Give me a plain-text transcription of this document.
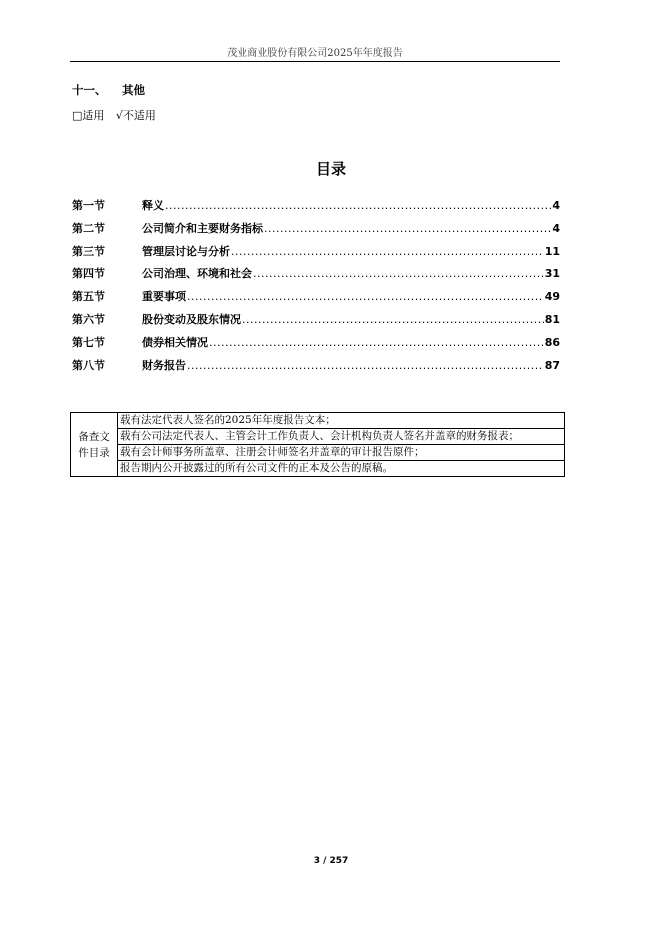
茂业商业股份有限公司2025年年度报告
十一、 其他
□适用 √不适用
目录
第一节	释义 .....	4
第二节	公司简介和主要财务指标 .....	4
第三节	管理层讨论与分析 .....	11
第四节	公司治理、环境和社会 .....	31
第五节	重要事项 .....	49
第六节	股份变动及股东情况 .....	81
第七节	债券相关情况 .....	86
第八节	财务报告 .....	87
备查文件目录	载有法定代表人签名的2025年年度报告文本；
载有公司法定代表人、主管会计工作负责人、会计机构负责人签名并盖章的财务报表；
载有会计师事务所盖章、注册会计师签名并盖章的审计报告原件；
报告期内公开披露过的所有公司文件的正本及公告的原稿。
3 / 257
